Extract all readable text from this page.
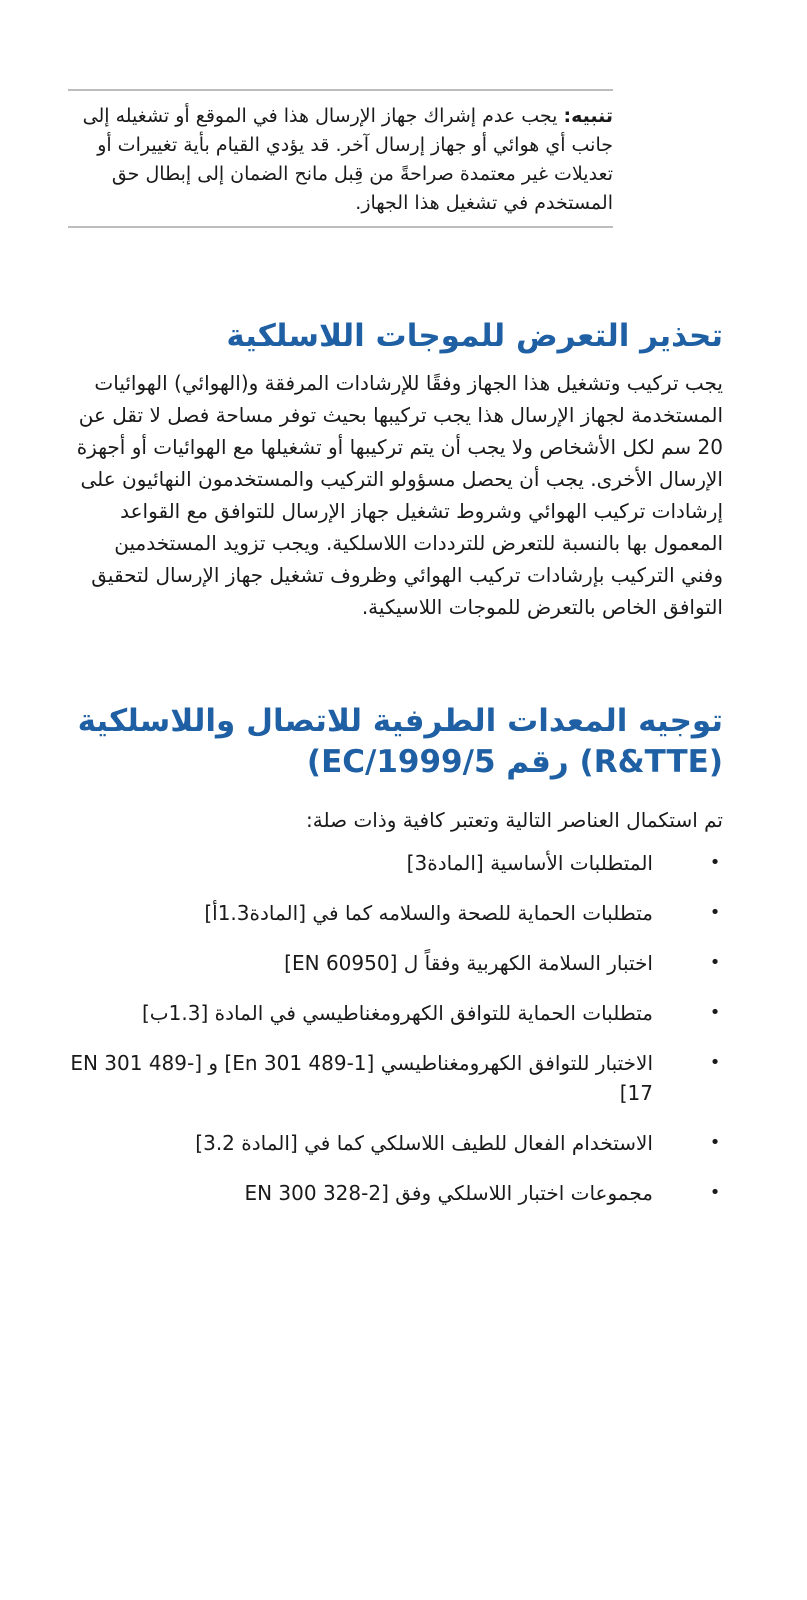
تنبيه: يجب عدم إشراك جهاز الإرسال هذا في الموقع أو تشغيله إلى جانب أي هوائي أو جهاز إرسال آخر. قد يؤدي القيام بأية تغييرات أو تعديلات غير معتمدة صراحةً من قِبل مانح الضمان إلى إبطال حق المستخدم في تشغيل هذا الجهاز.
تحذير التعرض للموجات اللاسلكية

يجب تركيب وتشغيل هذا الجهاز وفقًا للإرشادات المرفقة و(الهوائي) الهوائيات المستخدمة لجهاز الإرسال هذا يجب تركيبها بحيث توفر مساحة فصل لا تقل عن 20 سم لكل الأشخاص ولا يجب أن يتم تركيبها أو تشغيلها مع الهوائيات أو أجهزة الإرسال الأخرى. يجب أن يحصل مسؤولو التركيب والمستخدمون النهائيون على إرشادات تركيب الهوائي وشروط تشغيل جهاز الإرسال للتوافق مع القواعد المعمول بها بالنسبة للتعرض للترددات اللاسلكية. ويجب تزويد المستخدمين وفني التركيب بإرشادات تركيب الهوائي وظروف تشغيل جهاز الإرسال لتحقيق التوافق الخاص بالتعرض للموجات اللاسيكية.

توجيه المعدات الطرفية للاتصال واللاسلكية (R&TTE) رقم EC/1999/5)

تم استكمال العناصر التالية وتعتبر كافية وذات صلة:

•
المتطلبات الأساسية [المادة3]
•
متطلبات الحماية للصحة والسلامه كما في [المادة1.3أ]
•
اختبار السلامة الكهربية وفقاً ل [EN 60950]
•
متطلبات الحماية للتوافق الكهرومغناطيسي في المادة [1.3ب]
•
الاختبار للتوافق الكهرومغناطيسي [En 301 489-1] و [EN 301 489-17]
•
الاستخدام الفعال للطيف اللاسلكي كما في [المادة 3.2]
•
مجموعات اختبار اللاسلكي وفق [EN 300 328-2
